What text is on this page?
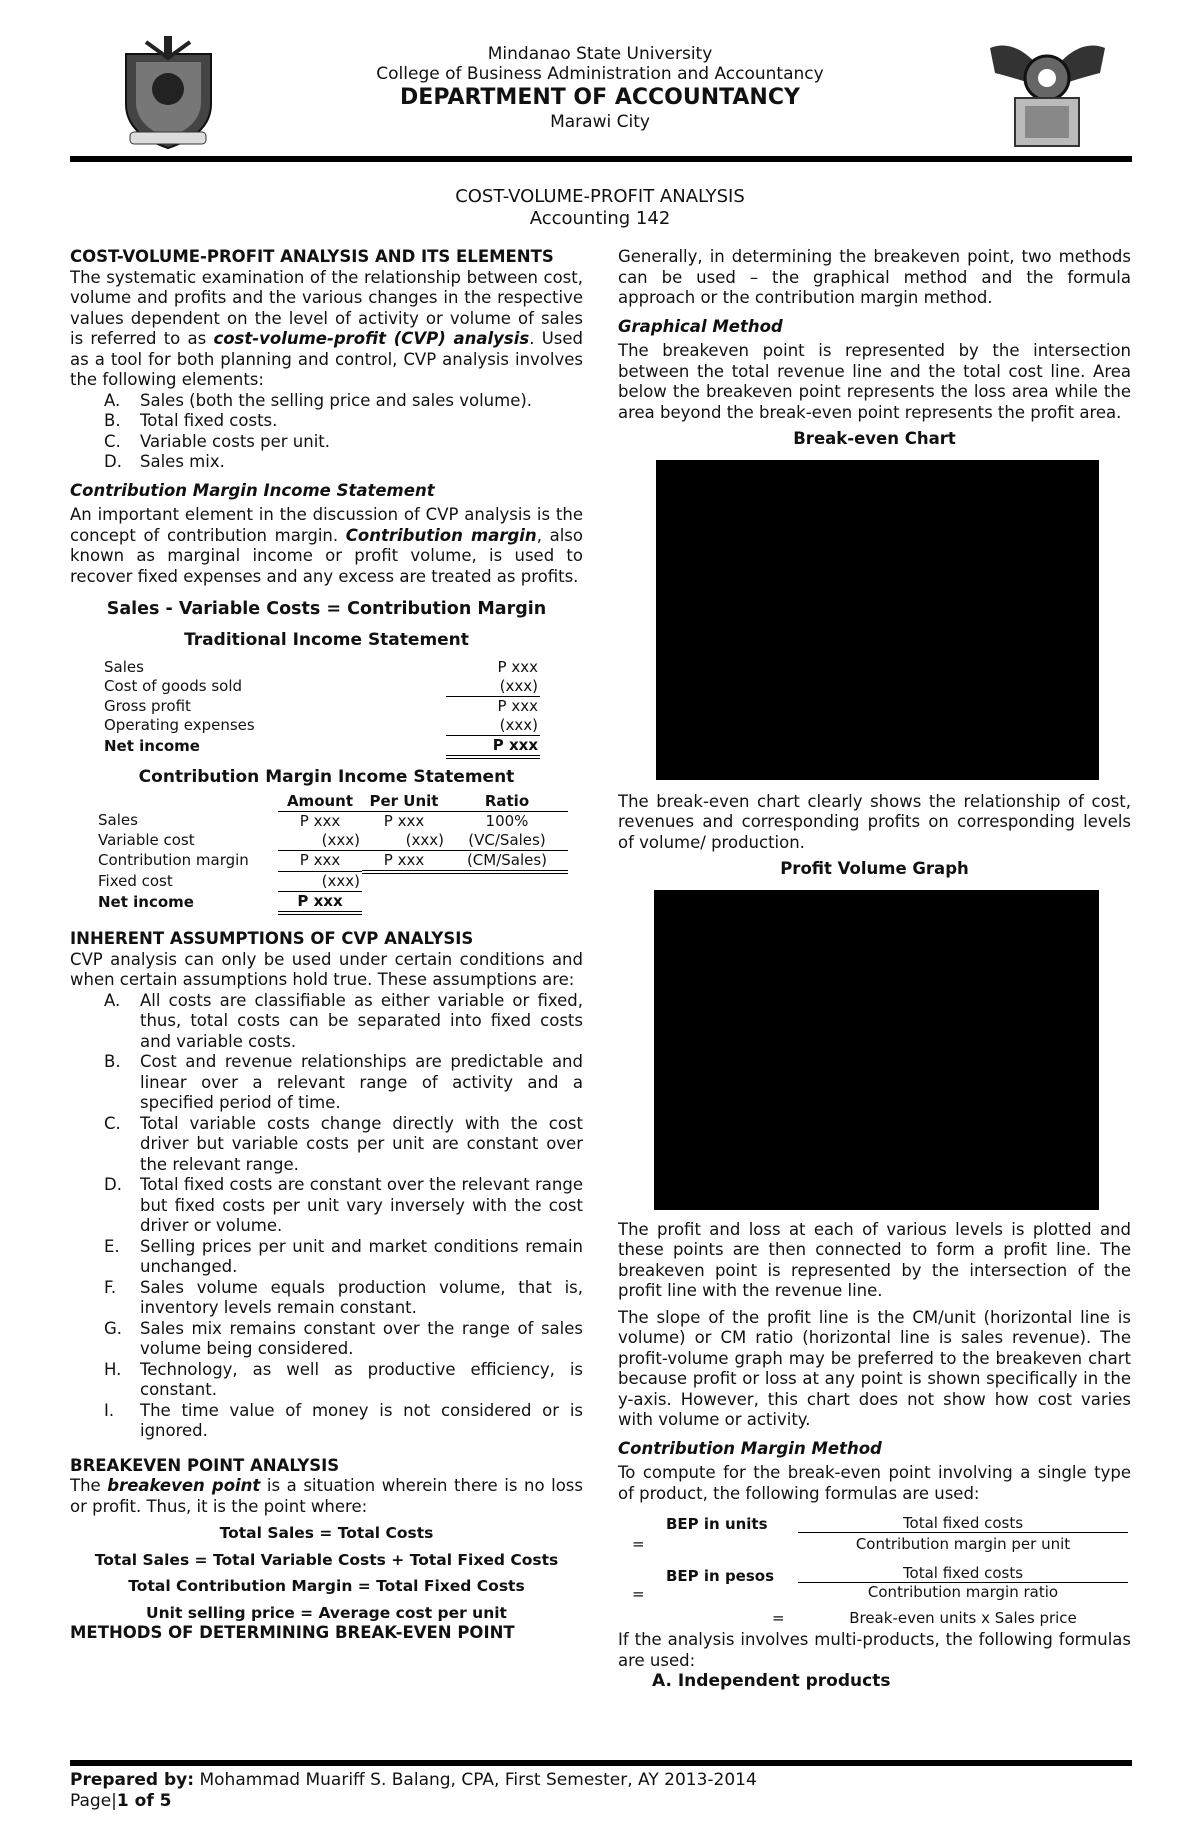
Mindanao State University
College of Business Administration and Accountancy
DEPARTMENT OF ACCOUNTANCY
Marawi City
COST-VOLUME-PROFIT ANALYSIS
Accounting 142

COST-VOLUME-PROFIT ANALYSIS AND ITS ELEMENTS

The systematic examination of the relationship between cost, volume and profits and the various changes in the respective values dependent on the level of activity or volume of sales is referred to as cost-volume-profit (CVP) analysis. Used as a tool for both planning and control, CVP analysis involves the following elements:

A.	Sales (both the selling price and sales volume).
B.	Total fixed costs.
C.	Variable costs per unit.
D.	Sales mix.

Contribution Margin Income Statement

An important element in the discussion of CVP analysis is the concept of contribution margin. Contribution margin, also known as marginal income or profit volume, is used to recover fixed expenses and any excess are treated as profits.

Sales - Variable Costs = Contribution Margin

Traditional Income Statement

Sales	P xxx
Cost of goods sold	(xxx)
Gross profit	P xxx
Operating expenses	(xxx)
Net income	P xxx

Contribution Margin Income Statement

	Amount	Per Unit	Ratio
Sales	P xxx	P xxx	100%
Variable cost	(xxx)	(xxx)	(VC/Sales)
Contribution margin	P xxx	P xxx	(CM/Sales)
Fixed cost	(xxx)		
Net income	P xxx		

INHERENT ASSUMPTIONS OF CVP ANALYSIS

CVP analysis can only be used under certain conditions and when certain assumptions hold true. These assumptions are:

A.	All costs are classifiable as either variable or fixed, thus, total costs can be separated into fixed costs and variable costs.
B.	Cost and revenue relationships are predictable and linear over a relevant range of activity and a specified period of time.
C.	Total variable costs change directly with the cost driver but variable costs per unit are constant over the relevant range.
D.	Total fixed costs are constant over the relevant range but fixed costs per unit vary inversely with the cost driver or volume.
E.	Selling prices per unit and market conditions remain unchanged.
F.	Sales volume equals production volume, that is, inventory levels remain constant.
G.	Sales mix remains constant over the range of sales volume being considered.
H.	Technology, as well as productive efficiency, is constant.
I.	The time value of money is not considered or is ignored.

BREAKEVEN POINT ANALYSIS

The breakeven point is a situation wherein there is no loss or profit. Thus, it is the point where:

Total Sales = Total Costs

Total Sales = Total Variable Costs + Total Fixed Costs

Total Contribution Margin = Total Fixed Costs

Unit selling price = Average cost per unit

METHODS OF DETERMINING BREAK-EVEN POINT

Generally, in determining the breakeven point, two methods can be used – the graphical method and the formula approach or the contribution margin method.

Graphical Method

The breakeven point is represented by the intersection between the total revenue line and the total cost line. Area below the breakeven point represents the loss area while the area beyond the break-even point represents the profit area.

Break-even Chart

The break-even chart clearly shows the relationship of cost, revenues and corresponding profits on corresponding levels of volume/ production.

Profit Volume Graph

The profit and loss at each of various levels is plotted and these points are then connected to form a profit line. The breakeven point is represented by the intersection of the profit line with the revenue line.

The slope of the profit line is the CM/unit (horizontal line is volume) or CM ratio (horizontal line is sales revenue). The profit-volume graph may be preferred to the breakeven chart because profit or loss at any point is shown specifically in the y-axis. However, this chart does not show how cost varies with volume or activity.

Contribution Margin Method

To compute for the break-even point involving a single type of product, the following formulas are used:

BEP in units
=
Total fixed costs
Contribution margin per unit
BEP in pesos
=
Total fixed costs
Contribution margin ratio
=	Break-even units x Sales price

If the analysis involves multi-products, the following formulas are used:

A. Independent products

Prepared by: Mohammad Muariff S. Balang, CPA, First Semester, AY 2013-2014
Page|1 of 5
